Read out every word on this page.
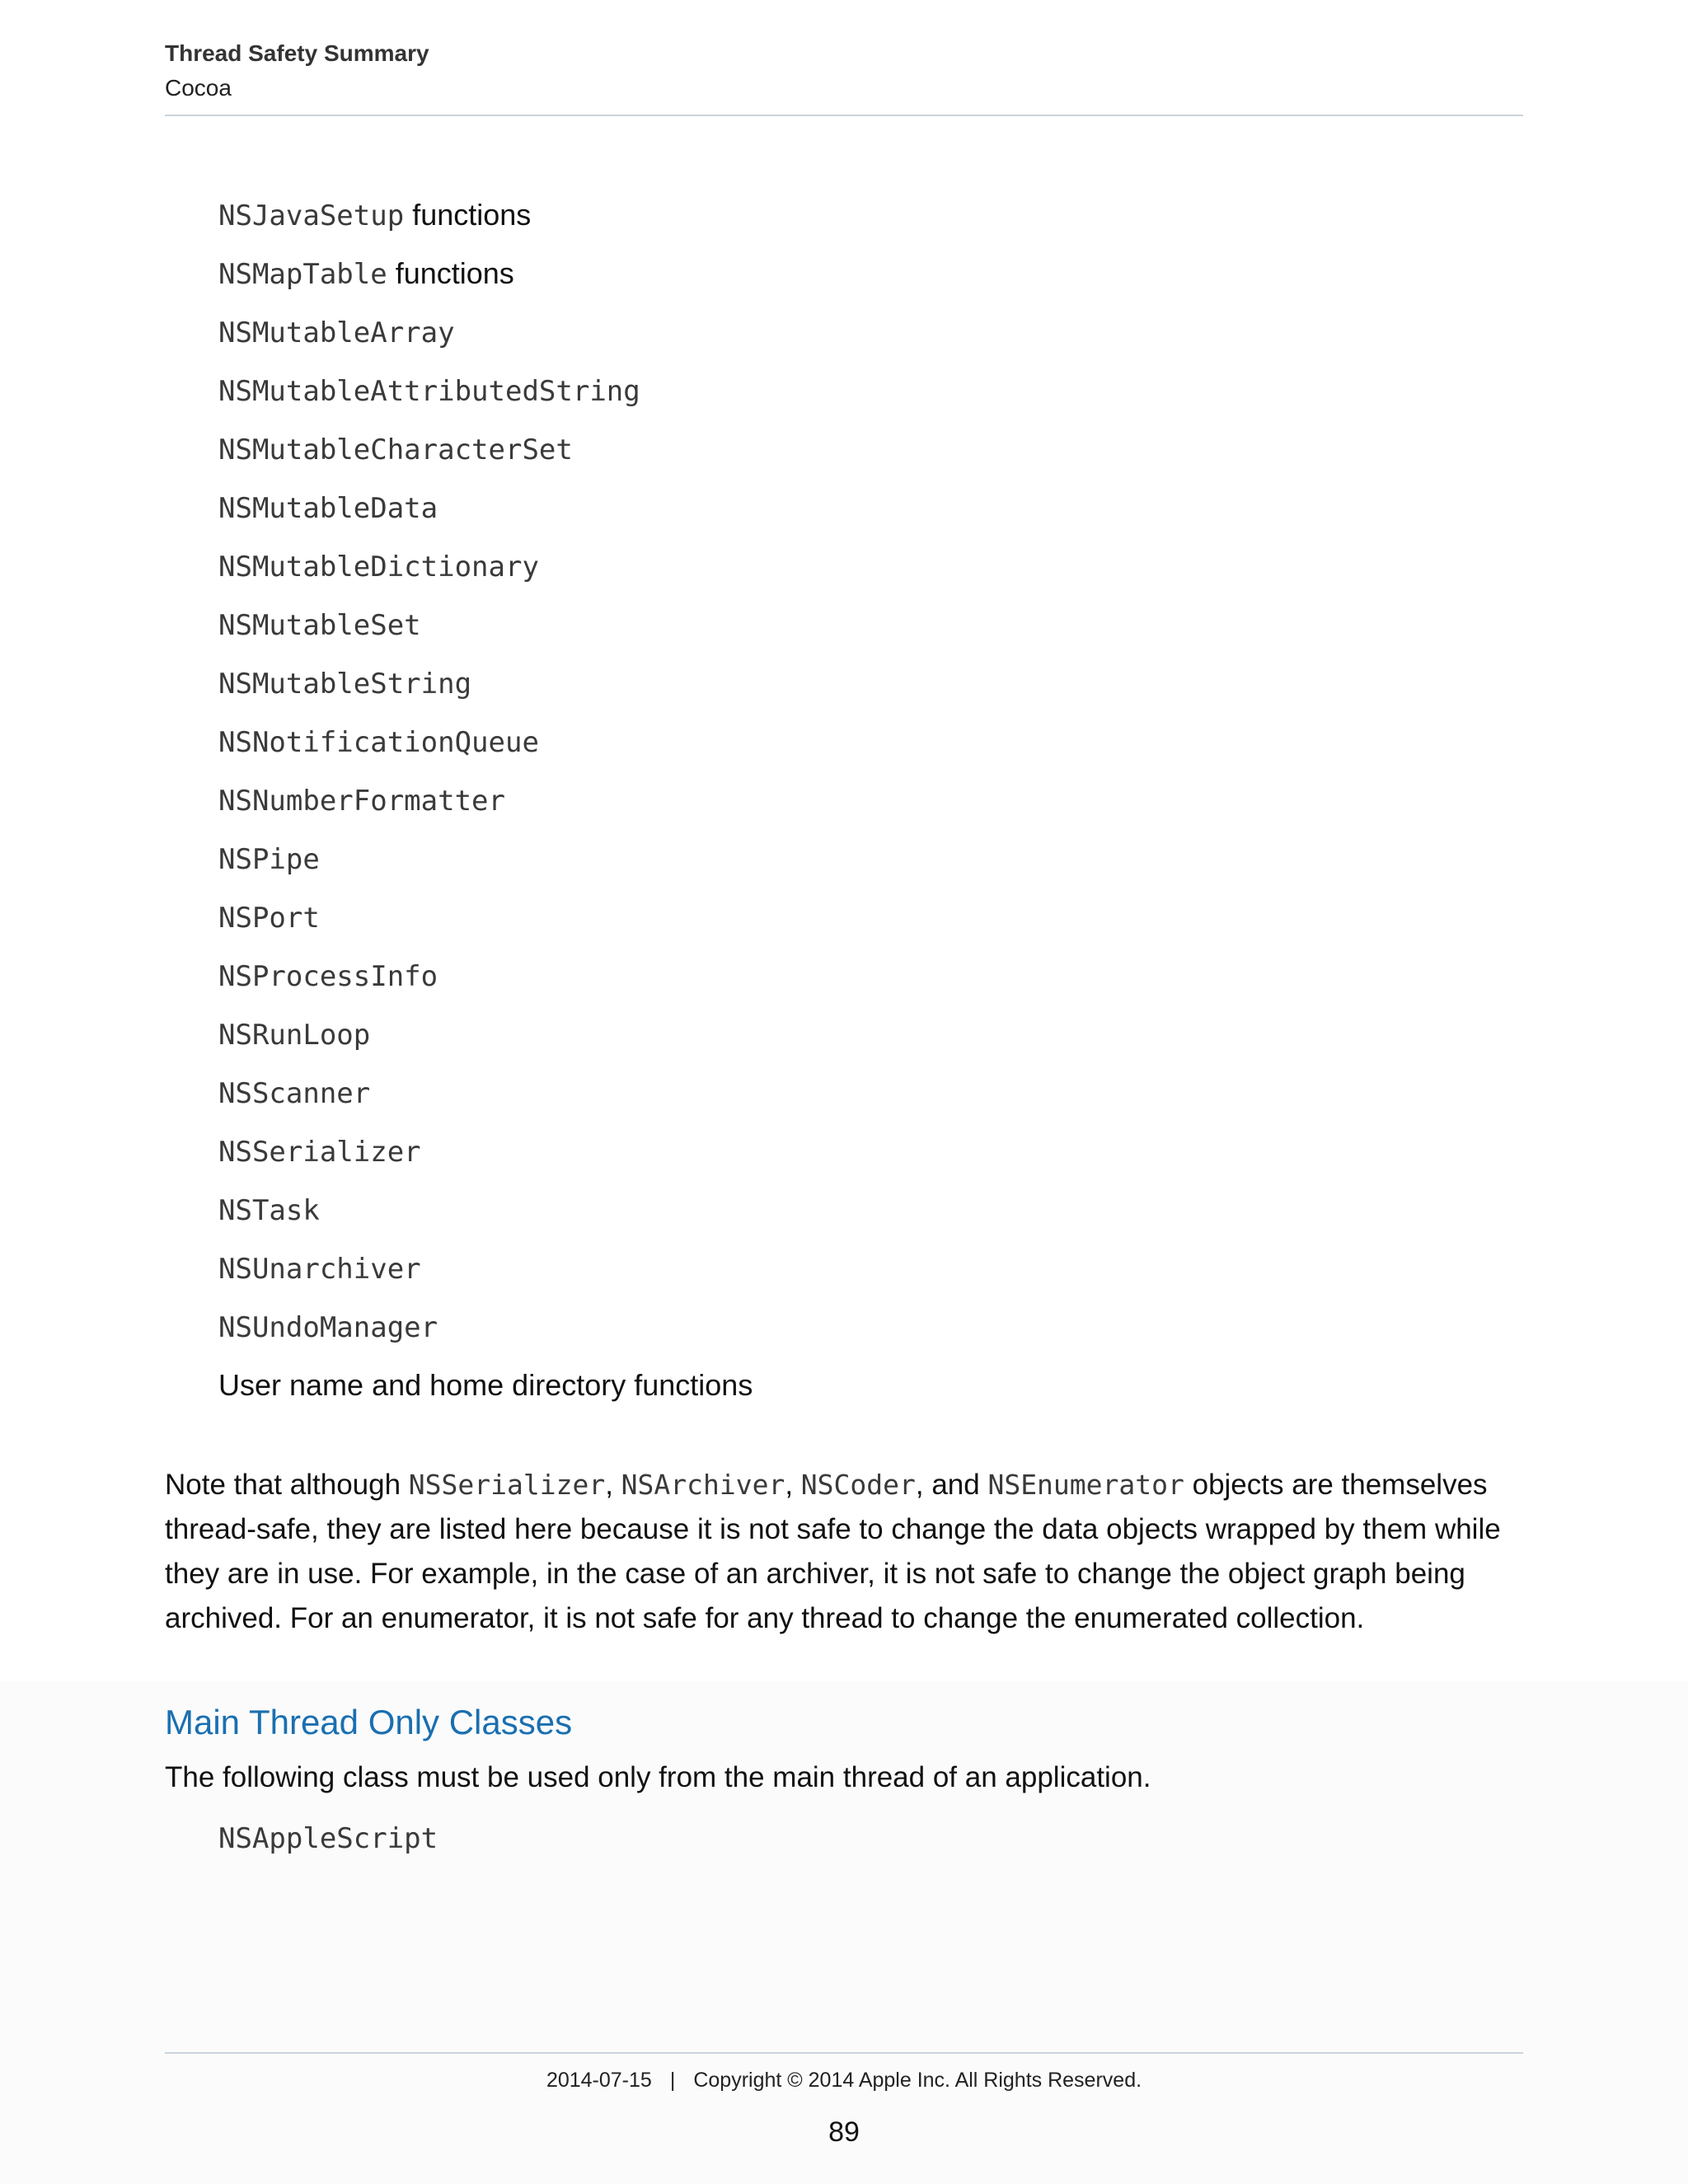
Thread Safety Summary
Cocoa
NSJavaSetup functions
NSMapTable functions
NSMutableArray
NSMutableAttributedString
NSMutableCharacterSet
NSMutableData
NSMutableDictionary
NSMutableSet
NSMutableString
NSNotificationQueue
NSNumberFormatter
NSPipe
NSPort
NSProcessInfo
NSRunLoop
NSScanner
NSSerializer
NSTask
NSUnarchiver
NSUndoManager
User name and home directory functions

Note that although NSSerializer, NSArchiver, NSCoder, and NSEnumerator objects are themselves thread-safe, they are listed here because it is not safe to change the data objects wrapped by them while they are in use. For example, in the case of an archiver, it is not safe to change the object graph being archived. For an enumerator, it is not safe for any thread to change the enumerated collection.

Main Thread Only Classes

The following class must be used only from the main thread of an application.

NSAppleScript
2014-07-15 | Copyright © 2014 Apple Inc. All Rights Reserved.
89
